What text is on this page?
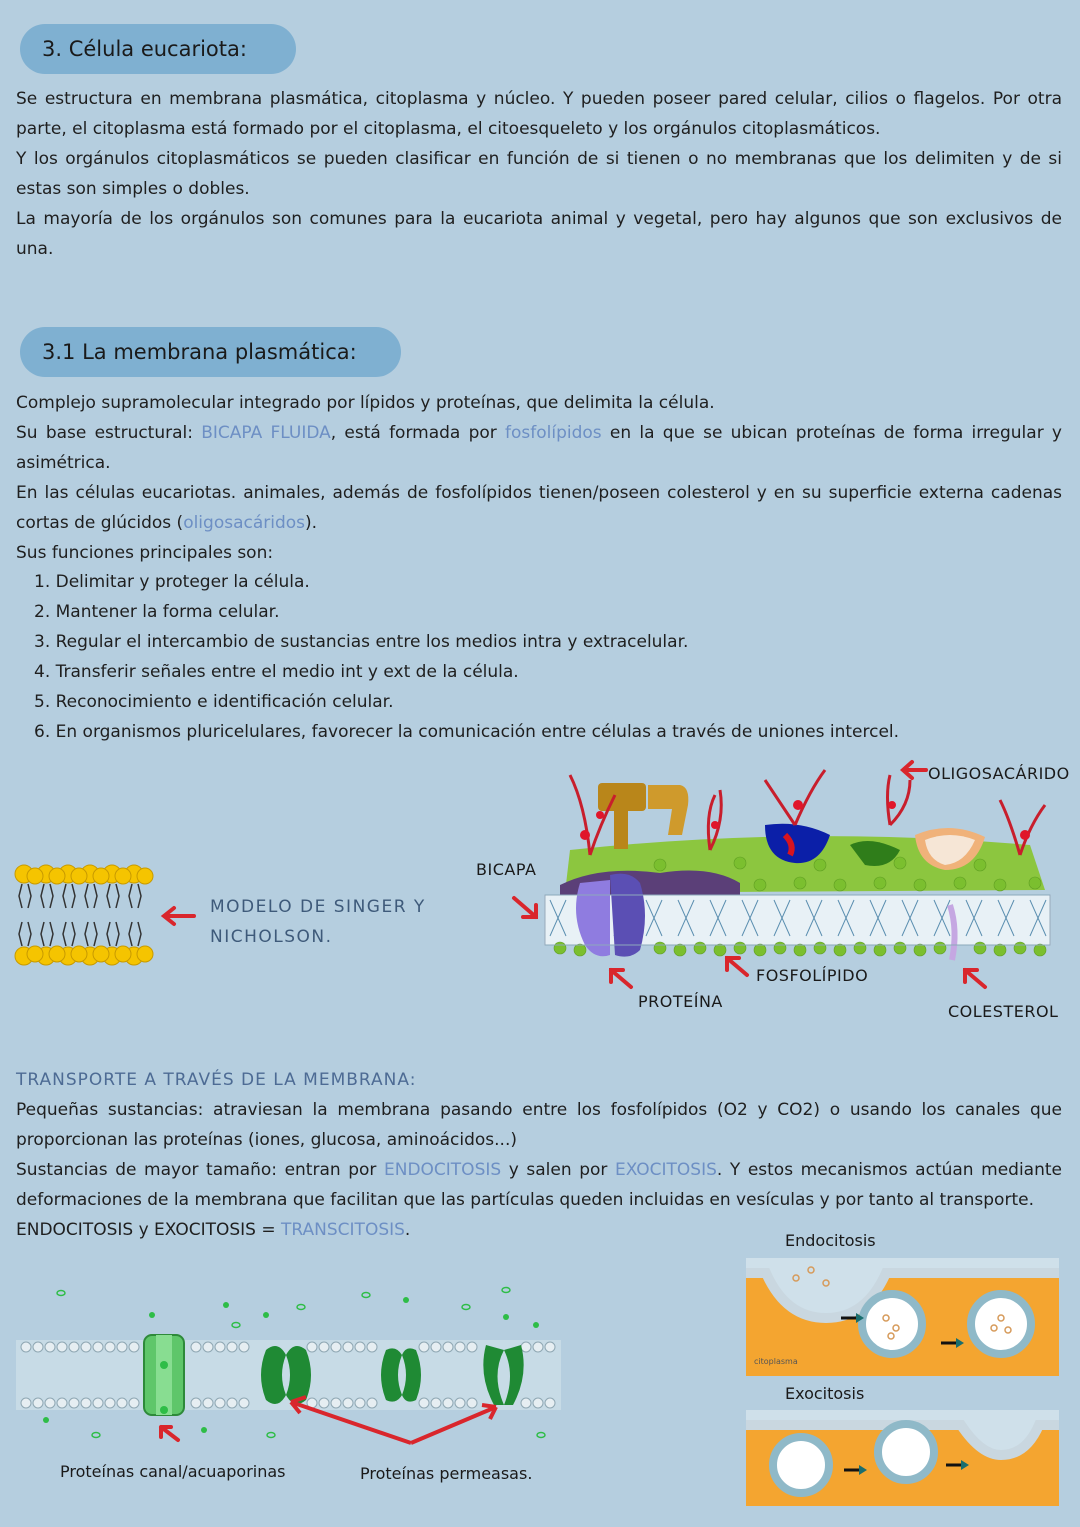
3. Célula eucariota:
Se estructura en membrana plasmática, citoplasma y núcleo. Y pueden poseer pared celular, cilios o flagelos. Por otra parte, el citoplasma está formado por el citoplasma, el citoesqueleto y los orgánulos citoplasmáticos.
Y los orgánulos citoplasmáticos se pueden clasificar en función de si tienen o no membranas que los delimiten y de si estas son simples o dobles.
La mayoría de los orgánulos son comunes para la eucariota animal y vegetal, pero hay algunos que son exclusivos de una.
3.1 La membrana plasmática:
Complejo supramolecular integrado por lípidos y proteínas, que delimita la célula.
Su base estructural: BICAPA FLUIDA, está formada por fosfolípidos en la que se ubican proteínas de forma irregular y asimétrica.
En las células eucariotas. animales, además de fosfolípidos tienen/poseen colesterol y en su superficie externa cadenas cortas de glúcidos (oligosacáridos).
Sus funciones principales son:
1. Delimitar y proteger la célula.
2. Mantener la forma celular.
3. Regular el intercambio de sustancias entre los medios intra y extracelular.
4. Transferir señales entre el medio int y ext de la célula.
5. Reconocimiento e identificación celular.
6. En organismos pluricelulares, favorecer la comunicación entre células a través de uniones intercel.
MODELO DE SINGER Y NICHOLSON.
BICAPA
OLIGOSACÁRIDO
FOSFOLÍPIDO
PROTEÍNA
COLESTEROL
TRANSPORTE A TRAVÉS DE LA MEMBRANA:
Pequeñas sustancias: atraviesan la membrana pasando entre los fosfolípidos (O2 y CO2) o usando los canales que proporcionan las proteínas (iones, glucosa, aminoácidos...)
Sustancias de mayor tamaño: entran por ENDOCITOSIS y salen por EXOCITOSIS. Y estos mecanismos actúan mediante deformaciones de la membrana que facilitan que las partículas queden incluidas en vesículas y por tanto al transporte.
ENDOCITOSIS y EXOCITOSIS = TRANSCITOSIS.
Proteínas canal/acuaporinas	Proteínas permeasas.
Endocitosis
citoplasma
Exocitosis
